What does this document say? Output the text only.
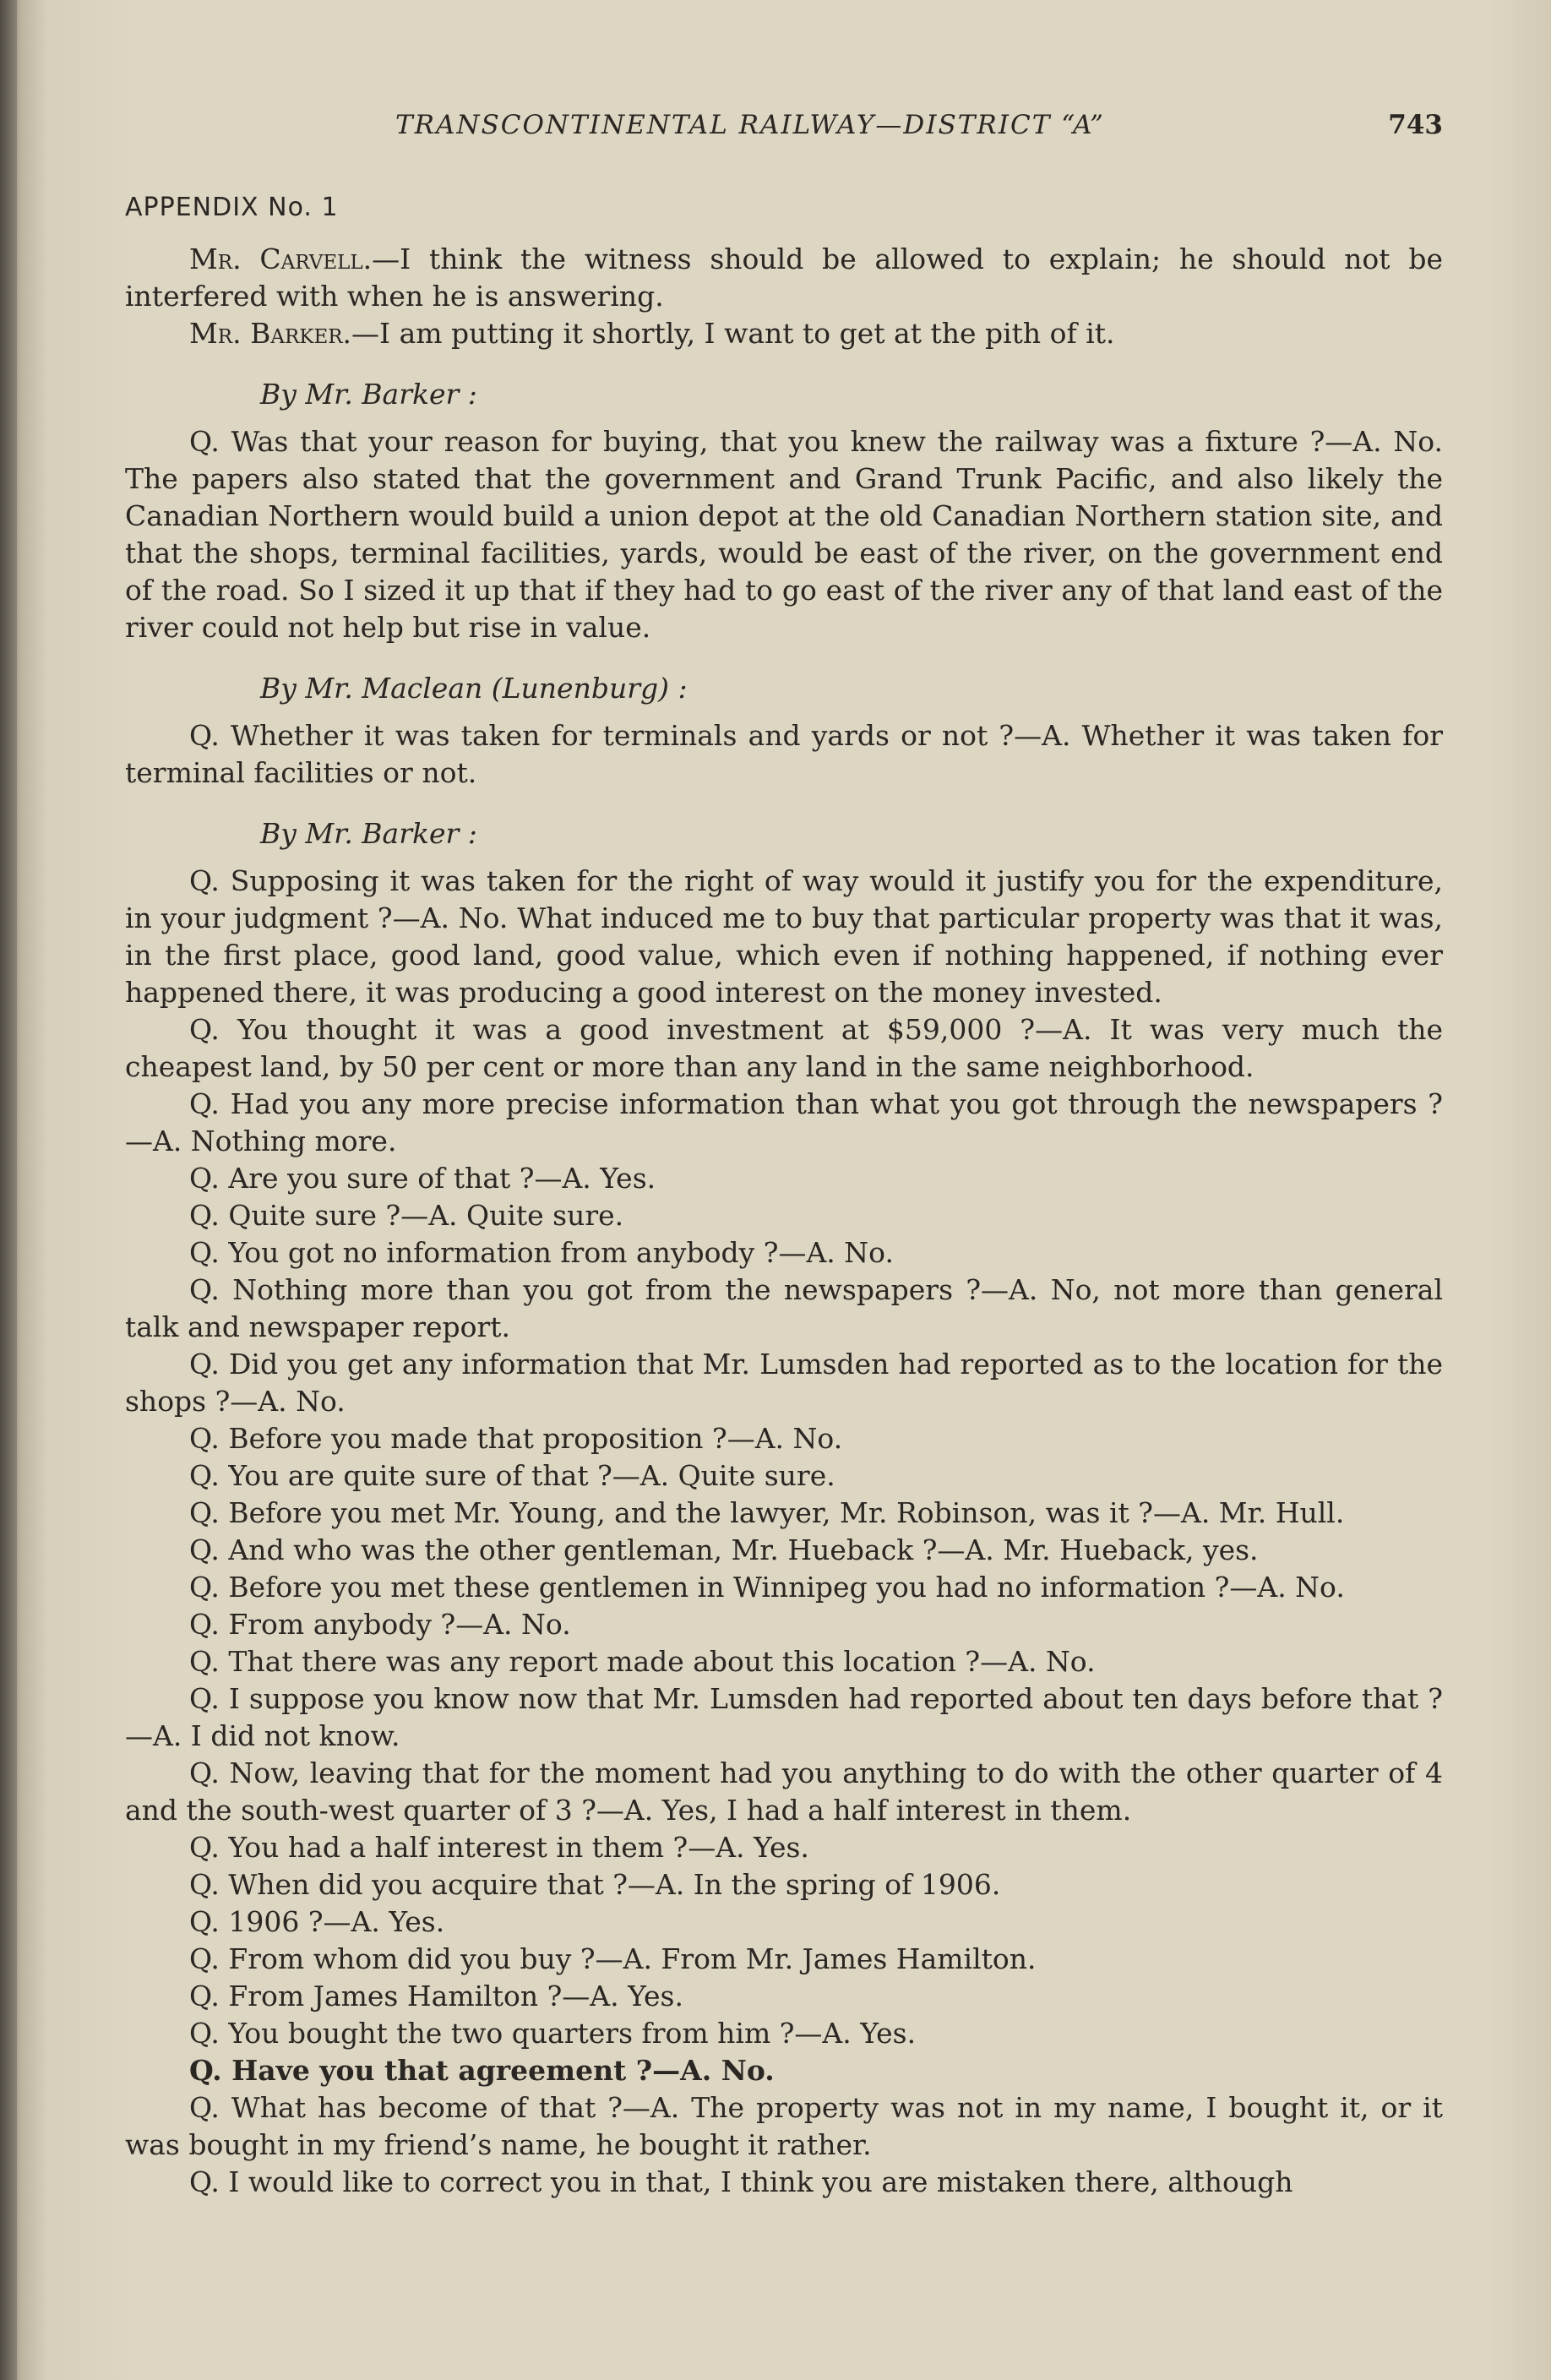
TRANSCONTINENTAL RAILWAY—DISTRICT “A”	743
APPENDIX No. 1

Mr. Carvell.—I think the witness should be allowed to explain; he should not be interfered with when he is answering.

Mr. Barker.—I am putting it shortly, I want to get at the pith of it.

By Mr. Barker :

Q. Was that your reason for buying, that you knew the railway was a fixture ?—A. No. The papers also stated that the government and Grand Trunk Pacific, and also likely the Canadian Northern would build a union depot at the old Canadian Northern station site, and that the shops, terminal facilities, yards, would be east of the river, on the government end of the road. So I sized it up that if they had to go east of the river any of that land east of the river could not help but rise in value.

By Mr. Maclean (Lunenburg) :

Q. Whether it was taken for terminals and yards or not ?—A. Whether it was taken for terminal facilities or not.

By Mr. Barker :

Q. Supposing it was taken for the right of way would it justify you for the expenditure, in your judgment ?—A. No. What induced me to buy that particular property was that it was, in the first place, good land, good value, which even if nothing happened, if nothing ever happened there, it was producing a good interest on the money invested.

Q. You thought it was a good investment at $59,000 ?—A. It was very much the cheapest land, by 50 per cent or more than any land in the same neighborhood.

Q. Had you any more precise information than what you got through the newspapers ?—A. Nothing more.

Q. Are you sure of that ?—A. Yes.

Q. Quite sure ?—A. Quite sure.

Q. You got no information from anybody ?—A. No.

Q. Nothing more than you got from the newspapers ?—A. No, not more than general talk and newspaper report.

Q. Did you get any information that Mr. Lumsden had reported as to the location for the shops ?—A. No.

Q. Before you made that proposition ?—A. No.

Q. You are quite sure of that ?—A. Quite sure.

Q. Before you met Mr. Young, and the lawyer, Mr. Robinson, was it ?—A. Mr. Hull.

Q. And who was the other gentleman, Mr. Hueback ?—A. Mr. Hueback, yes.

Q. Before you met these gentlemen in Winnipeg you had no information ?—A. No.

Q. From anybody ?—A. No.

Q. That there was any report made about this location ?—A. No.

Q. I suppose you know now that Mr. Lumsden had reported about ten days before that ?—A. I did not know.

Q. Now, leaving that for the moment had you anything to do with the other quarter of 4 and the south-west quarter of 3 ?—A. Yes, I had a half interest in them.

Q. You had a half interest in them ?—A. Yes.

Q. When did you acquire that ?—A. In the spring of 1906.

Q. 1906 ?—A. Yes.

Q. From whom did you buy ?—A. From Mr. James Hamilton.

Q. From James Hamilton ?—A. Yes.

Q. You bought the two quarters from him ?—A. Yes.

Q. Have you that agreement ?—A. No.

Q. What has become of that ?—A. The property was not in my name, I bought it, or it was bought in my friend’s name, he bought it rather.

Q. I would like to correct you in that, I think you are mistaken there, although
